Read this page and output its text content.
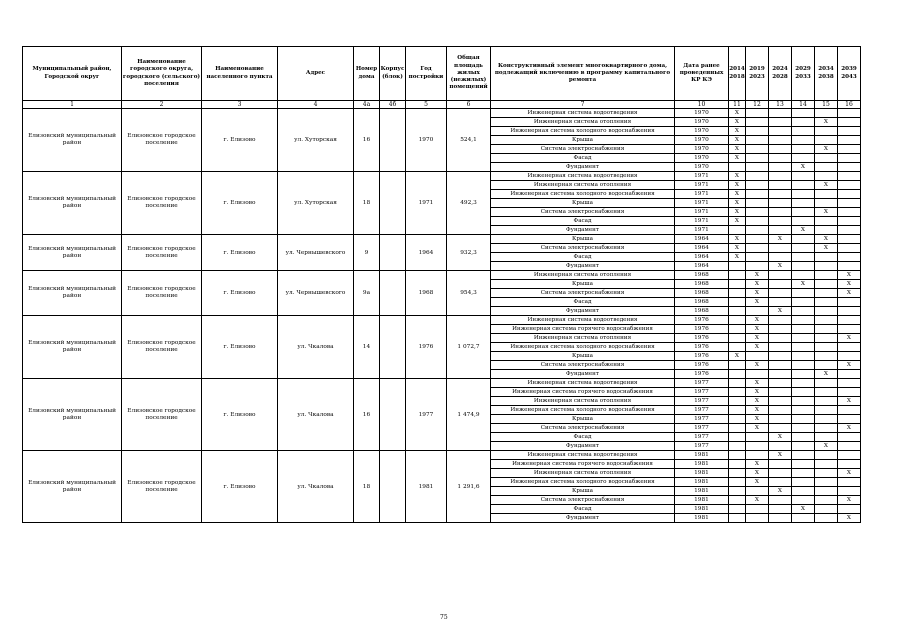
Муниципальный район, Городской округ	Наименование городского округа, городского (сельского) поселения	Наименование населенного пункта	Адрес	Номер дома	Корпус (блок)	Год постройки	Общая площадь жилых (нежилых) помещений	Конструктивный элемент многоквартирного дома, подлежащий включению в программу капитального ремонта	Дата ранее проведенных КР КЭ	2014 2018	2019 2023	2024 2028	2029 2033	2034 2038	2039 2043
1	2	3	4	4а	4б	5	6	7	10	11	12	13	14	15	16
Елизовский муниципальный район	Елизовское городское поселение	г. Елизово	ул. Хуторская	16		1970	524,1	Инженерная система водоотведения	1970	X					
								Инженерная система отопления	1970	X				X	
								Инженерная система холодного водоснабжения	1970	X					
								Крыша	1970	X					
								Система электроснабжения	1970	X				X	
								Фасад	1970	X					
								Фундамент	1970				X		
Елизовский муниципальный район	Елизовское городское поселение	г. Елизово	ул. Хуторская	18		1971	492,3	Инженерная система водоотведения	1971	X					
								Инженерная система отопления	1971	X				X	
								Инженерная система холодного водоснабжения	1971	X					
								Крыша	1971	X					
								Система электроснабжения	1971	X				X	
								Фасад	1971	X					
								Фундамент	1971				X		
Елизовский муниципальный район	Елизовское городское поселение	г. Елизово	ул. Чернышевского	9		1964	932,3	Крыша	1964	X		X		X	
								Система электроснабжения	1964	X				X	
								Фасад	1964	X					
								Фундамент	1964			X			
Елизовский муниципальный район	Елизовское городское поселение	г. Елизово	ул. Чернышевского	9а		1968	954,3	Инженерная система отопления	1968		X				X
								Крыша	1968		X		X		X
								Система электроснабжения	1968		X				X
								Фасад	1968		X				
								Фундамент	1968			X			
Елизовский муниципальный район	Елизовское городское поселение	г. Елизово	ул. Чкалова	14		1976	1 072,7	Инженерная система водоотведения	1976		X				
								Инженерная система горячего водоснабжения	1976		X				
								Инженерная система отопления	1976		X				X
								Инженерная система холодного водоснабжения	1976		X				
								Крыша	1976	X					
								Система электроснабжения	1976		X				X
								Фундамент	1976					X	
Елизовский муниципальный район	Елизовское городское поселение	г. Елизово	ул. Чкалова	16		1977	1 474,9	Инженерная система водоотведения	1977		X				
								Инженерная система горячего водоснабжения	1977		X				
								Инженерная система отопления	1977		X				X
								Инженерная система холодного водоснабжения	1977		X				
								Крыша	1977		X				
								Система электроснабжения	1977		X				X
								Фасад	1977			X			
								Фундамент	1977					X	
Елизовский муниципальный район	Елизовское городское поселение	г. Елизово	ул. Чкалова	18		1981	1 291,6	Инженерная система водоотведения	1981			X			
								Инженерная система горячего водоснабжения	1981		X				
								Инженерная система отопления	1981		X				X
								Инженерная система холодного водоснабжения	1981		X				
								Крыша	1981			X			
								Система электроснабжения	1981		X				X
								Фасад	1981				X		
								Фундамент	1981						X
75
